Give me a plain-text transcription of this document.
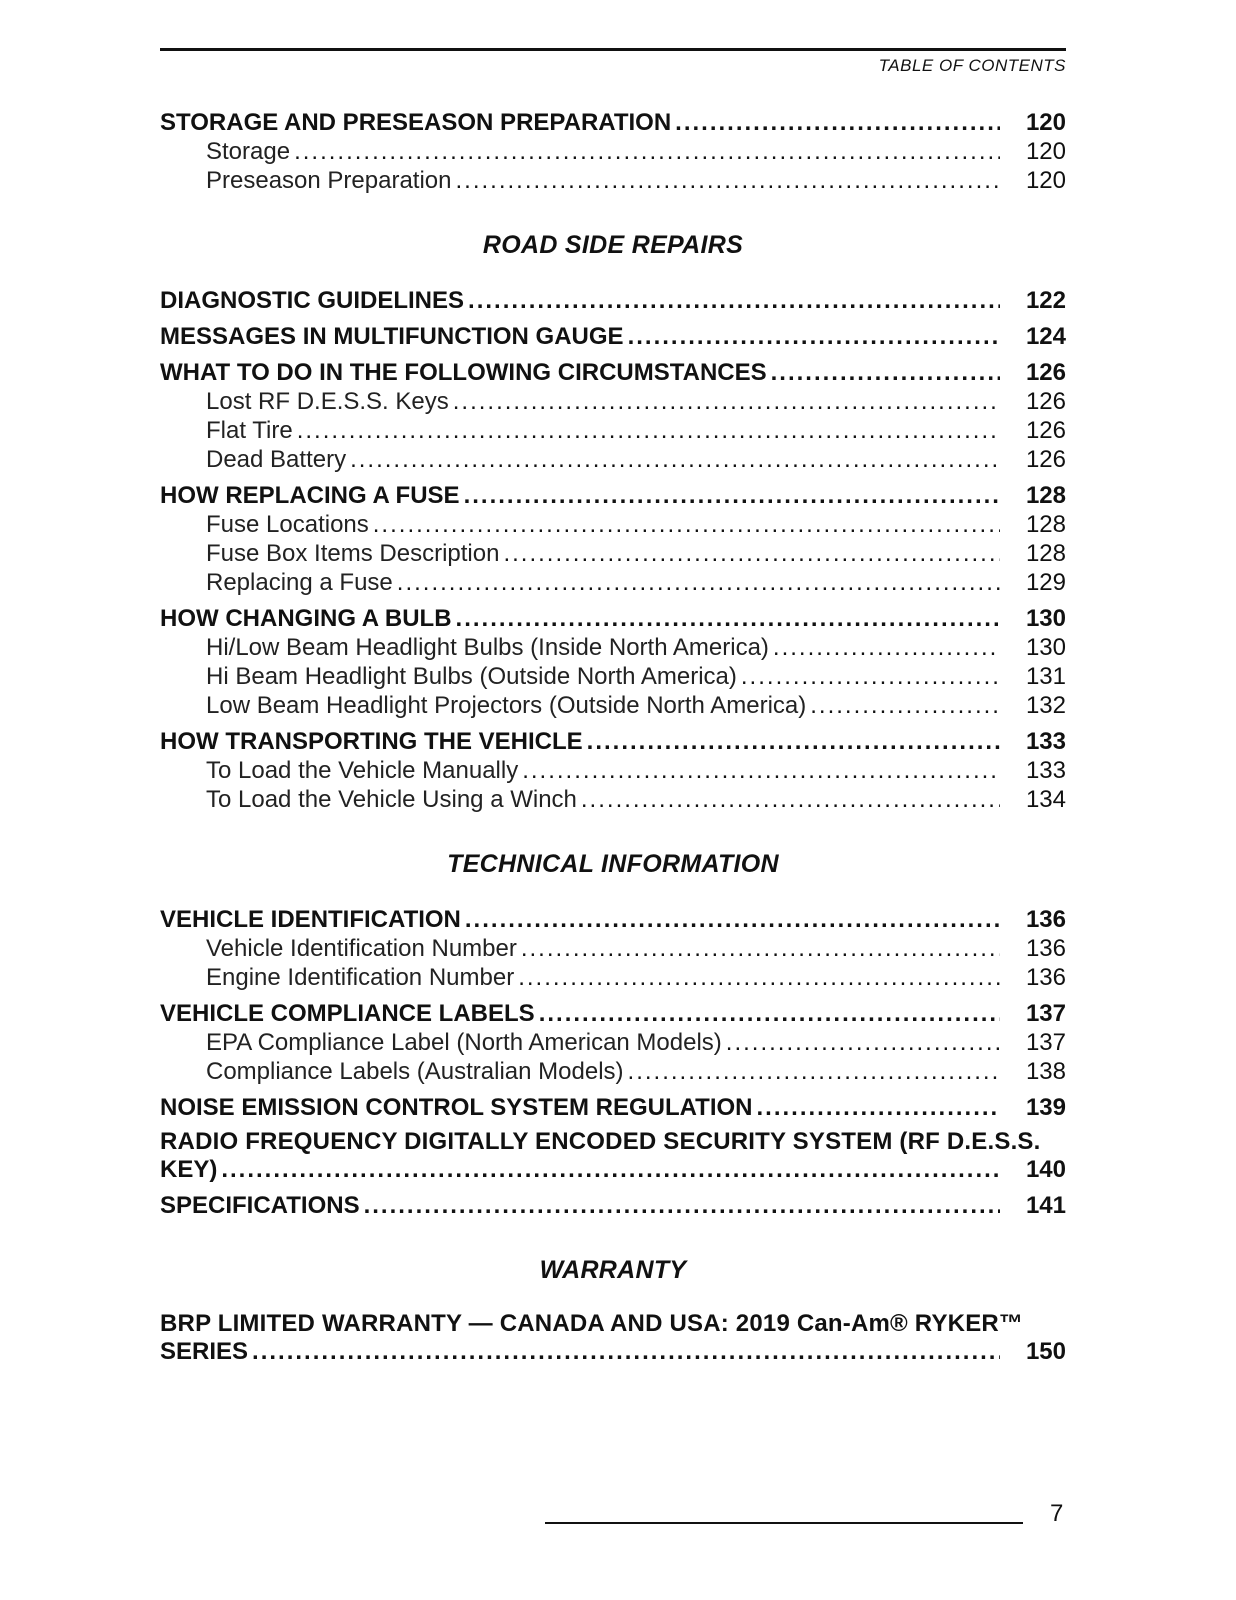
TABLE OF CONTENTS
STORAGE AND PRESEASON PREPARATION .....	120
Storage .....	120
Preseason Preparation .....	120
ROAD SIDE REPAIRS
DIAGNOSTIC GUIDELINES .....	122
MESSAGES IN MULTIFUNCTION GAUGE .....	124
WHAT TO DO IN THE FOLLOWING CIRCUMSTANCES .....	126
Lost RF D.E.S.S. Keys .....	126
Flat Tire .....	126
Dead Battery .....	126
HOW REPLACING A FUSE .....	128
Fuse Locations .....	128
Fuse Box Items Description .....	128
Replacing a Fuse .....	129
HOW CHANGING A BULB .....	130
Hi/Low Beam Headlight Bulbs (Inside North America) .....	130
Hi Beam Headlight Bulbs (Outside North America) .....	131
Low Beam Headlight Projectors (Outside North America) .....	132
HOW TRANSPORTING THE VEHICLE .....	133
To Load the Vehicle Manually .....	133
To Load the Vehicle Using a Winch .....	134
TECHNICAL INFORMATION
VEHICLE IDENTIFICATION .....	136
Vehicle Identification Number .....	136
Engine Identification Number .....	136
VEHICLE COMPLIANCE LABELS .....	137
EPA Compliance Label (North American Models) .....	137
Compliance Labels (Australian Models) .....	138
NOISE EMISSION CONTROL SYSTEM REGULATION .....	139
RADIO FREQUENCY DIGITALLY ENCODED SECURITY SYSTEM (RF D.E.S.S.
KEY) .....	140
SPECIFICATIONS .....	141
WARRANTY
BRP LIMITED WARRANTY — CANADA AND USA: 2019 Can-Am® RYKER™
SERIES .....	150
7
